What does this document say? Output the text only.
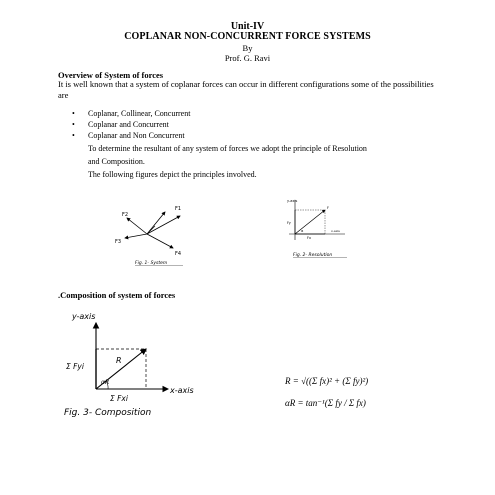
Unit-IV
COPLANAR NON-CONCURRENT FORCE SYSTEMS
By
Prof. G. Ravi
Overview of System of forces
It is well known that a system of coplanar forces can occur in different configurations some of the possibilities are
• Coplanar, Collinear, Concurrent
• Coplanar and Concurrent
• Coplanar and Non Concurrent
To determine the resultant of any system of forces we adopt the principle of Resolution
and Composition.
The following figures depict the principles involved.
F2
F1
F3
F4
Fig. 1- System
y-axis
x-axis
F
Fy
Fx
α
Fig. 2- Resolution
.Composition of system of forces
y-axis
x-axis
R
Σ Fyi
Σ Fxi
αR
Fig. 3- Composition
R = √((Σ fx)² + (Σ fy)²)
αR = tan⁻¹(Σ fy / Σ fx)
